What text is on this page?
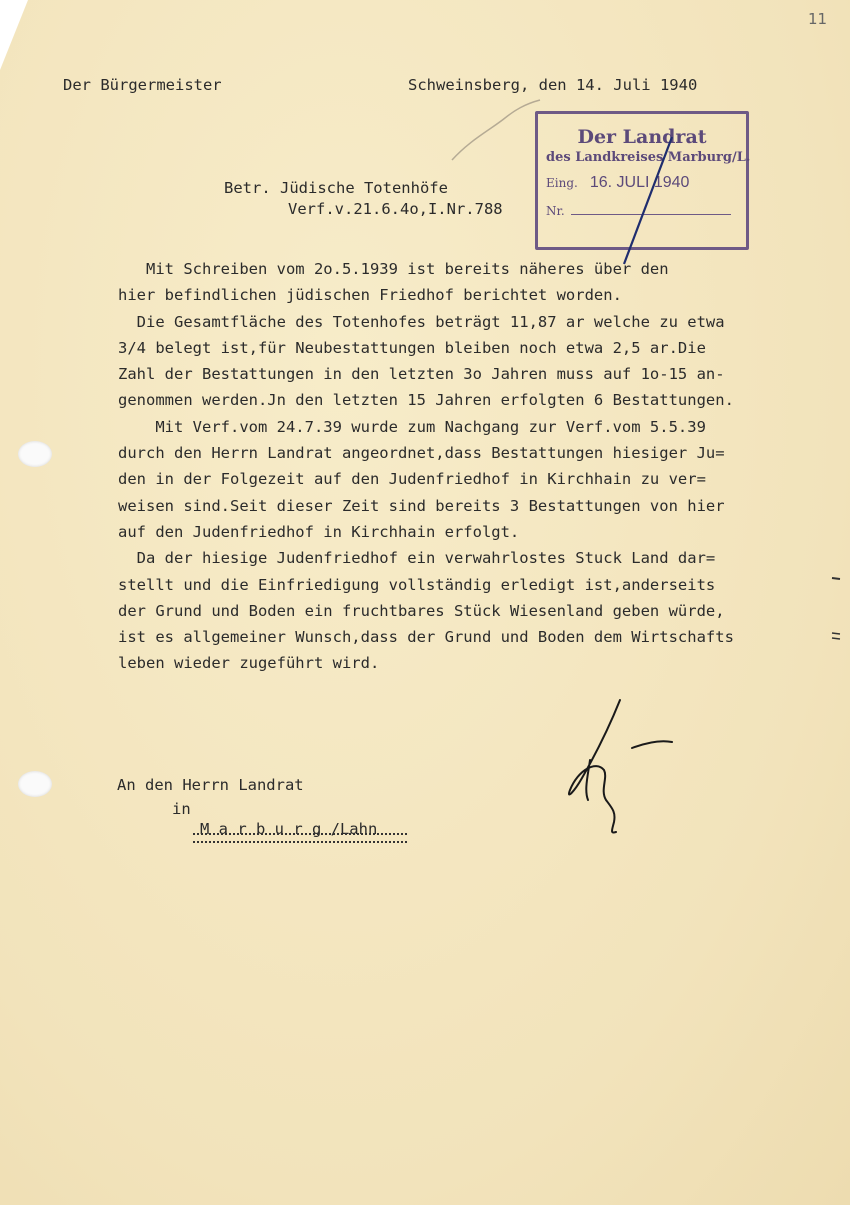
11
Der Bürgermeister	Schweinsberg, den 14. Juli 1940
Betr. Jüdische Totenhöfe
Verf.v.21.6.4o,I.Nr.788
Der Landrat
des Landkreises Marburg/L.
Eing. 16. JULI 1940
Nr.
Mit Schreiben vom 2o.5.1939 ist bereits näheres über den
hier befindlichen jüdischen Friedhof berichtet worden.
Die Gesamtfläche des Totenhofes beträgt 11,87 ar welche zu etwa
3/4 belegt ist,für Neubestattungen bleiben noch etwa 2,5 ar.Die
Zahl der Bestattungen in den letzten 3o Jahren muss auf 1o-15 an-
genommen werden.Jn den letzten 15 Jahren erfolgten 6 Bestattungen.
Mit Verf.vom 24.7.39 wurde zum Nachgang zur Verf.vom 5.5.39
durch den Herrn Landrat angeordnet,dass Bestattungen hiesiger Ju=
den in der Folgezeit auf den Judenfriedhof in Kirchhain zu ver=
weisen sind.Seit dieser Zeit sind bereits 3 Bestattungen von hier
auf den Judenfriedhof in Kirchhain erfolgt.
Da der hiesige Judenfriedhof ein verwahrlostes Stuck Land dar=
stellt und die Einfriedigung vollständig erledigt ist,anderseits
der Grund und Boden ein fruchtbares Stück Wiesenland geben würde,
ist es allgemeiner Wunsch,dass der Grund und Boden dem Wirtschafts
leben wieder zugeführt wird.
An den Herrn Landrat
in
M a r b u r g /Lahn
